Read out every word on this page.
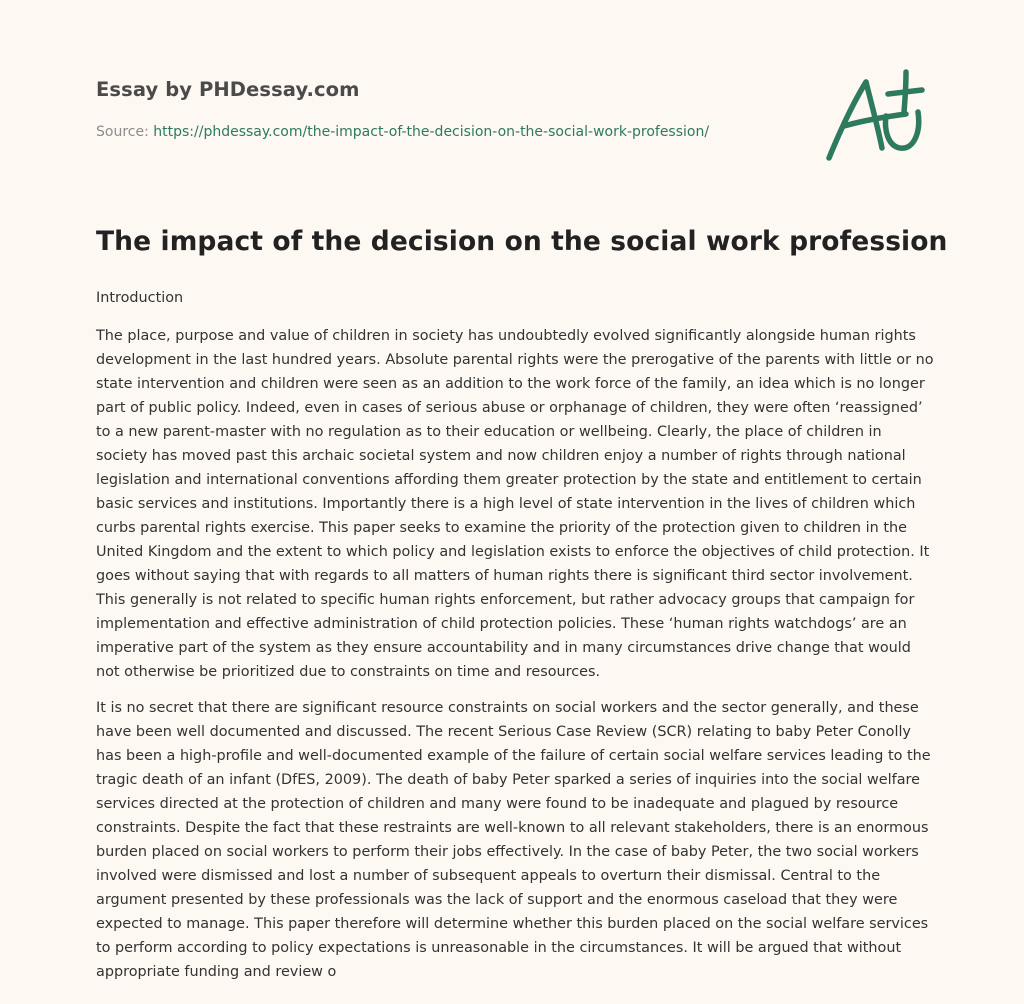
Essay by PHDessay.com
Source: https://phdessay.com/the-impact-of-the-decision-on-the-social-work-profession/
The impact of the decision on the social work profession

Introduction

The place, purpose and value of children in society has undoubtedly evolved significantly alongside human rights development in the last hundred years. Absolute parental rights were the prerogative of the parents with little or no state intervention and children were seen as an addition to the work force of the family, an idea which is no longer part of public policy. Indeed, even in cases of serious abuse or orphanage of children, they were often ‘reassigned’ to a new parent-master with no regulation as to their education or wellbeing. Clearly, the place of children in society has moved past this archaic societal system and now children enjoy a number of rights through national legislation and international conventions affording them greater protection by the state and entitlement to certain basic services and institutions. Importantly there is a high level of state intervention in the lives of children which curbs parental rights exercise. This paper seeks to examine the priority of the protection given to children in the United Kingdom and the extent to which policy and legislation exists to enforce the objectives of child protection. It goes without saying that with regards to all matters of human rights there is significant third sector involvement. This generally is not related to specific human rights enforcement, but rather advocacy groups that campaign for implementation and effective administration of child protection policies. These ‘human rights watchdogs’ are an imperative part of the system as they ensure accountability and in many circumstances drive change that would not otherwise be prioritized due to constraints on time and resources.

It is no secret that there are significant resource constraints on social workers and the sector generally, and these have been well documented and discussed. The recent Serious Case Review (SCR) relating to baby Peter Conolly has been a high-profile and well-documented example of the failure of certain social welfare services leading to the tragic death of an infant (DfES, 2009). The death of baby Peter sparked a series of inquiries into the social welfare services directed at the protection of children and many were found to be inadequate and plagued by resource constraints. Despite the fact that these restraints are well-known to all relevant stakeholders, there is an enormous burden placed on social workers to perform their jobs effectively. In the case of baby Peter, the two social workers involved were dismissed and lost a number of subsequent appeals to overturn their dismissal. Central to the argument presented by these professionals was the lack of support and the enormous caseload that they were expected to manage. This paper therefore will determine whether this burden placed on the social welfare services to perform according to policy expectations is unreasonable in the circumstances. It will be argued that without appropriate funding and review o
